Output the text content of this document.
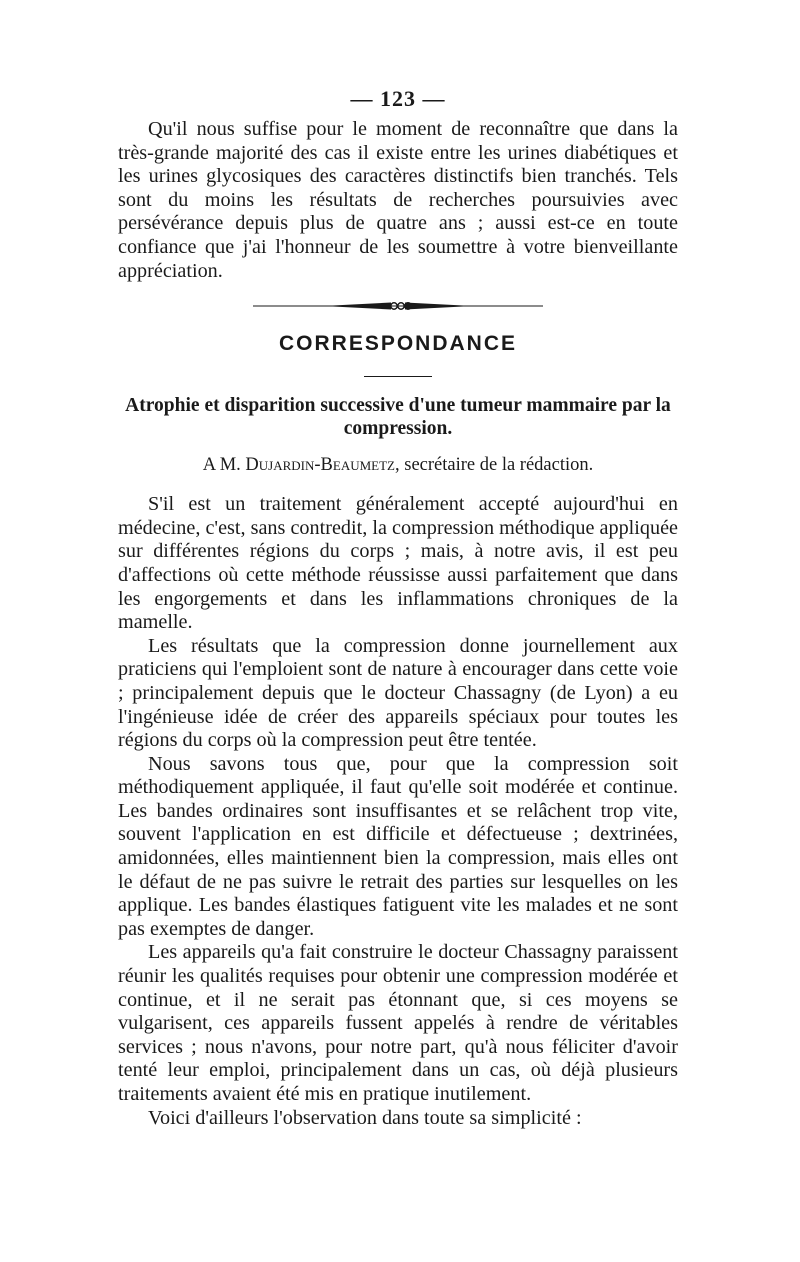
— 123 —

Qu'il nous suffise pour le moment de reconnaître que dans la très-grande majorité des cas il existe entre les urines diabétiques et les urines glycosiques des caractères distinctifs bien tranchés. Tels sont du moins les résultats de recherches poursuivies avec persévérance depuis plus de quatre ans ; aussi est-ce en toute confiance que j'ai l'honneur de les soumettre à votre bienveillante appréciation.

CORRESPONDANCE
Atrophie et disparition successive d'une tumeur mammaire par la compression.
A M. Dujardin-Beaumetz, secrétaire de la rédaction.

S'il est un traitement généralement accepté aujourd'hui en médecine, c'est, sans contredit, la compression méthodique appliquée sur différentes régions du corps ; mais, à notre avis, il est peu d'affections où cette méthode réussisse aussi parfaitement que dans les engorgements et dans les inflammations chroniques de la mamelle.

Les résultats que la compression donne journellement aux praticiens qui l'emploient sont de nature à encourager dans cette voie ; principalement depuis que le docteur Chassagny (de Lyon) a eu l'ingénieuse idée de créer des appareils spéciaux pour toutes les régions du corps où la compression peut être tentée.

Nous savons tous que, pour que la compression soit méthodiquement appliquée, il faut qu'elle soit modérée et continue. Les bandes ordinaires sont insuffisantes et se relâchent trop vite, souvent l'application en est difficile et défectueuse ; dextrinées, amidonnées, elles maintiennent bien la compression, mais elles ont le défaut de ne pas suivre le retrait des parties sur lesquelles on les applique. Les bandes élastiques fatiguent vite les malades et ne sont pas exemptes de danger.

Les appareils qu'a fait construire le docteur Chassagny paraissent réunir les qualités requises pour obtenir une compression modérée et continue, et il ne serait pas étonnant que, si ces moyens se vulgarisent, ces appareils fussent appelés à rendre de véritables services ; nous n'avons, pour notre part, qu'à nous féliciter d'avoir tenté leur emploi, principalement dans un cas, où déjà plusieurs traitements avaient été mis en pratique inutilement.

Voici d'ailleurs l'observation dans toute sa simplicité :
